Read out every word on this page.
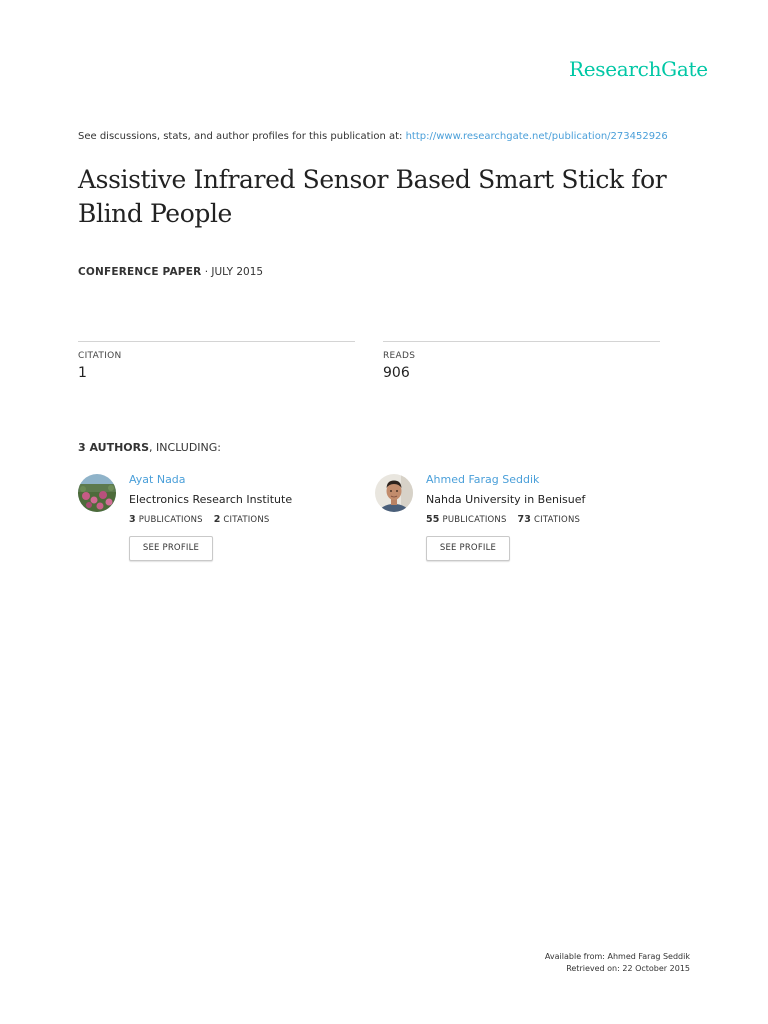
ResearchGate
See discussions, stats, and author profiles for this publication at: http://www.researchgate.net/publication/273452926
Assistive Infrared Sensor Based Smart Stick for Blind People
CONFERENCE PAPER · JULY 2015
CITATION
1
READS
906
3 AUTHORS, INCLUDING:
Ayat Nada
Electronics Research Institute
3 PUBLICATIONS 2 CITATIONS
SEE PROFILE
Ahmed Farag Seddik
Nahda University in Benisuef
55 PUBLICATIONS 73 CITATIONS
SEE PROFILE
Available from: Ahmed Farag Seddik
Retrieved on: 22 October 2015
